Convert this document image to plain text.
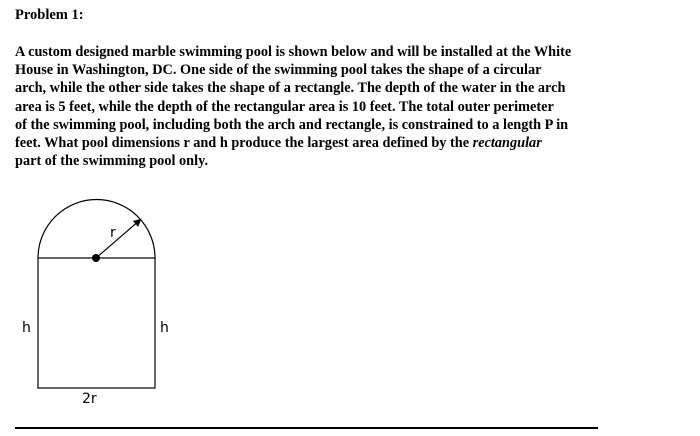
Problem 1:
A custom designed marble swimming pool is shown below and will be installed at the White
House in Washington, DC. One side of the swimming pool takes the shape of a circular
arch, while the other side takes the shape of a rectangle. The depth of the water in the arch
area is 5 feet, while the depth of the rectangular area is 10 feet. The total outer perimeter
of the swimming pool, including both the arch and rectangle, is constrained to a length P in
feet. What pool dimensions r and h produce the largest area defined by the rectangular
part of the swimming pool only.
r
h	h
2r
